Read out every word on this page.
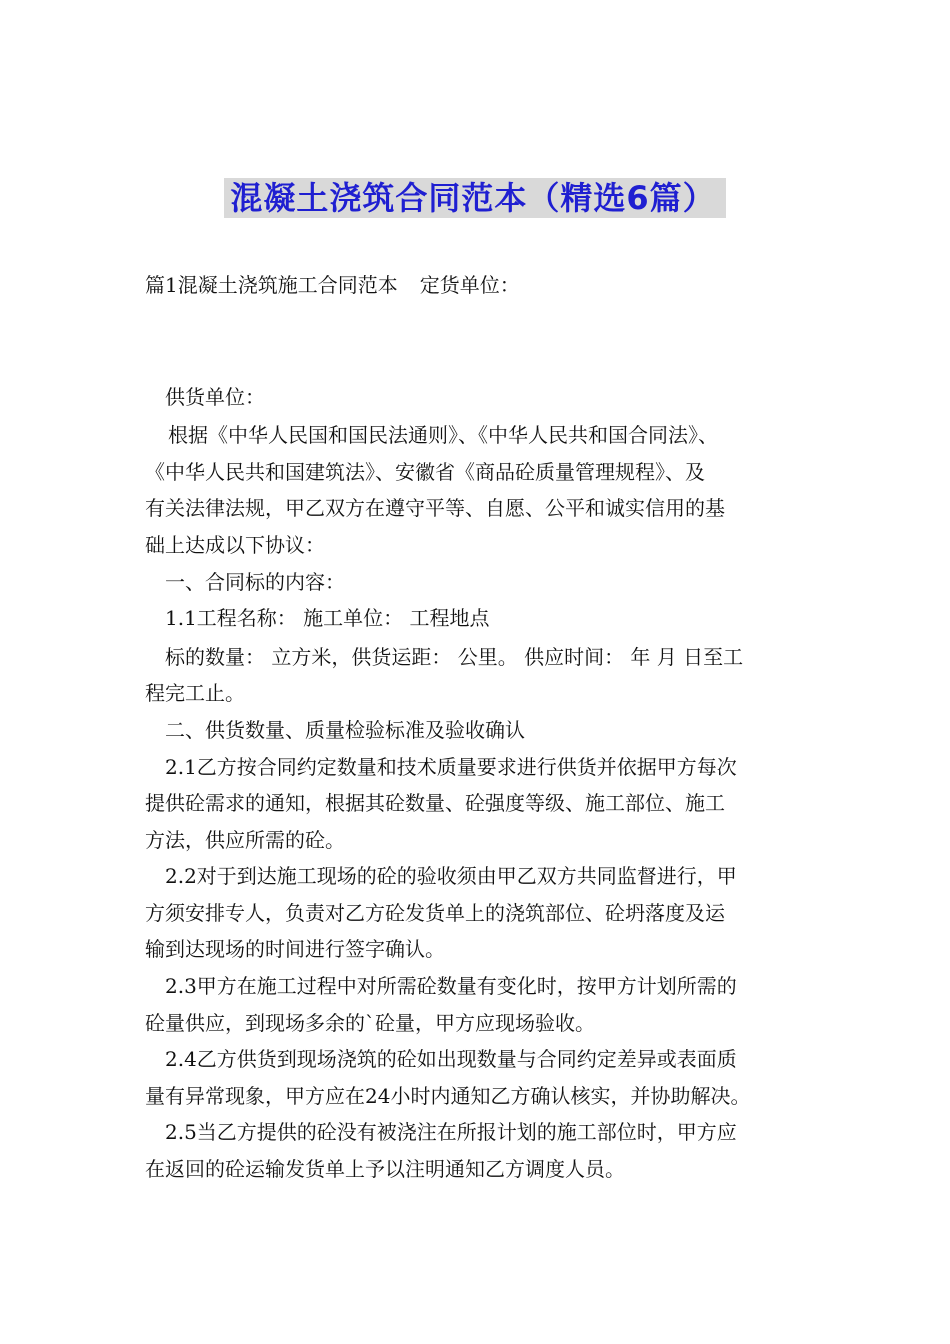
混凝土浇筑合同范本（精选6篇）
篇1混凝土浇筑施工合同范本 定货单位：
供货单位：
根据《中华人民国和国民法通则》、《中华人民共和国合同法》、
《中华人民共和国建筑法》、安徽省《商品砼质量管理规程》、及
有关法律法规，甲乙双方在遵守平等、自愿、公平和诚实信用的基
础上达成以下协议：
一、合同标的内容：
1.1工程名称： 施工单位： 工程地点
标的数量： 立方米，供货运距： 公里。 供应时间： 年 月 日至工
程完工止。
二、供货数量、质量检验标准及验收确认
2.1乙方按合同约定数量和技术质量要求进行供货并依据甲方每次
提供砼需求的通知，根据其砼数量、砼强度等级、施工部位、施工
方法，供应所需的砼。
2.2对于到达施工现场的砼的验收须由甲乙双方共同监督进行，甲
方须安排专人，负责对乙方砼发货单上的浇筑部位、砼坍落度及运
输到达现场的时间进行签字确认。
2.3甲方在施工过程中对所需砼数量有变化时，按甲方计划所需的
砼量供应，到现场多余的`砼量，甲方应现场验收。
2.4乙方供货到现场浇筑的砼如出现数量与合同约定差异或表面质
量有异常现象，甲方应在24小时内通知乙方确认核实，并协助解决。
2.5当乙方提供的砼没有被浇注在所报计划的施工部位时，甲方应
在返回的砼运输发货单上予以注明通知乙方调度人员。
